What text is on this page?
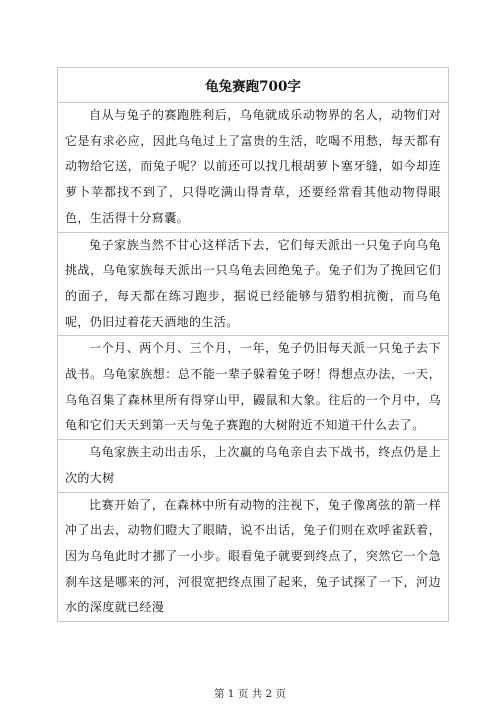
龟兔赛跑700字

自从与兔子的赛跑胜利后，乌龟就成乐动物界的名人，动物们对它是有求必应，因此乌龟过上了富贵的生活，吃喝不用愁，每天都有动物给它送，而兔子呢？以前还可以找几根胡萝卜塞牙缝，如今却连萝卜苹都找不到了，只得吃满山得青草，还要经常看其他动物得眼色，生活得十分寫囊。

兔子家族当然不甘心这样活下去，它们每天派出一只兔子向乌龟挑战，乌龟家族每天派出一只乌龟去回绝兔子。兔子们为了挽回它们的面子，每天都在练习跑步，据说已经能够与猎豹相抗衡，而乌龟呢，仍旧过着花天酒地的生活。

一个月、两个月、三个月，一年，兔子仍旧每天派一只兔子去下战书。乌龟家族想：总不能一辈子躲着兔子呀！得想点办法，一天，乌龟召集了森林里所有得穿山甲，鼹鼠和大象。往后的一个月中，乌龟和它们天天到第一天与兔子赛跑的大树附近不知道干什么去了。

乌龟家族主动出击乐，上次赢的乌龟亲自去下战书，终点仍是上次的大树

比赛开始了，在森林中所有动物的注视下，兔子像离弦的箭一样冲了出去，动物们瞪大了眼睛，说不出话，兔子们则在欢呼雀跃着，因为乌龟此时才挪了一小步。眼看兔子就要到终点了，突然它一个急刹车这是哪来的河，河很宽把终点围了起来，兔子试探了一下，河边水的深度就已经漫

第 1 页 共 2 页
